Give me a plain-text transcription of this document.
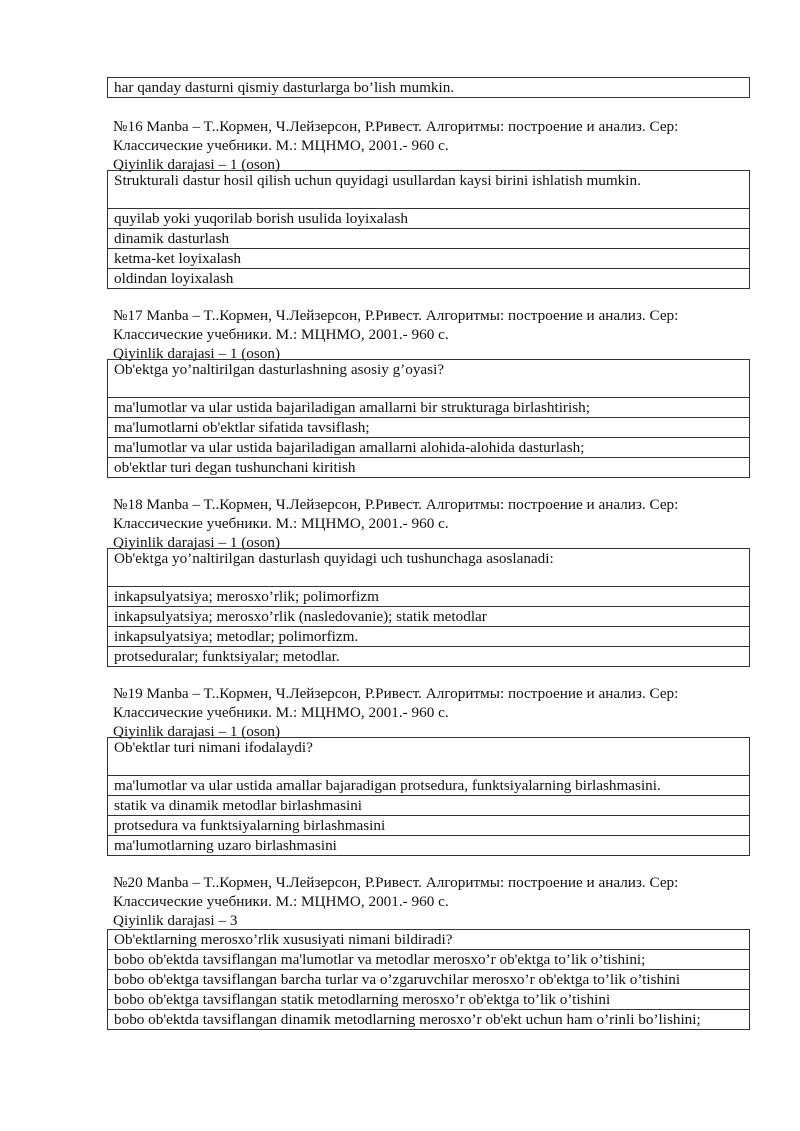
har qanday dasturni qismiy dasturlarga bo’lish mumkin.
№16 Manba – T..Кормен, Ч.Лейзерсон, Р.Ривест. Алгоритмы: построение и анализ. Сер:
Классические учебники. М.: МЦНМО, 2001.- 960 с.
Qiyinlik darajasi – 1 (oson)
Strukturali dastur hosil qilish uchun quyidagi usullardan kaysi birini ishlatish mumkin.
quyilab yoki yuqorilab borish usulida loyixalash
dinamik dasturlash
ketma-ket loyixalash
oldindan loyixalash
№17 Manba – T..Кормен, Ч.Лейзерсон, Р.Ривест. Алгоритмы: построение и анализ. Сер:
Классические учебники. М.: МЦНМО, 2001.- 960 с.
Qiyinlik darajasi – 1 (oson)
Ob'ektga yo’naltirilgan dasturlashning asosiy g’oyasi?
ma'lumotlar va ular ustida bajariladigan amallarni bir strukturaga birlashtirish;
ma'lumotlarni ob'ektlar sifatida tavsiflash;
ma'lumotlar va ular ustida bajariladigan amallarni alohida-alohida dasturlash;
ob'ektlar turi degan tushunchani kiritish
№18 Manba – T..Кормен, Ч.Лейзерсон, Р.Ривест. Алгоритмы: построение и анализ. Сер:
Классические учебники. М.: МЦНМО, 2001.- 960 с.
Qiyinlik darajasi – 1 (oson)
Ob'ektga yo’naltirilgan dasturlash quyidagi uch tushunchaga asoslanadi:
inkapsulyatsiya; merosxo’rlik; polimorfizm
inkapsulyatsiya; merosxo’rlik (nasledovanie); statik metodlar
inkapsulyatsiya; metodlar; polimorfizm.
protseduralar; funktsiyalar; metodlar.
№19 Manba – T..Кормен, Ч.Лейзерсон, Р.Ривест. Алгоритмы: построение и анализ. Сер:
Классические учебники. М.: МЦНМО, 2001.- 960 с.
Qiyinlik darajasi – 1 (oson)
Ob'ektlar turi nimani ifodalaydi?
ma'lumotlar va ular ustida amallar bajaradigan protsedura, funktsiyalarning birlashmasini.
statik va dinamik metodlar birlashmasini
protsedura va funktsiyalarning birlashmasini
ma'lumotlarning uzaro birlashmasini
№20 Manba – T..Кормен, Ч.Лейзерсон, Р.Ривест. Алгоритмы: построение и анализ. Сер:
Классические учебники. М.: МЦНМО, 2001.- 960 с.
Qiyinlik darajasi – 3
Ob'ektlarning merosxo’rlik xususiyati nimani bildiradi?
bobo ob'ektda tavsiflangan ma'lumotlar va metodlar merosxo’r ob'ektga to’lik o’tishini;
bobo ob'ektga tavsiflangan barcha turlar va o’zgaruvchilar merosxo’r ob'ektga to’lik o’tishini
bobo ob'ektga tavsiflangan statik metodlarning merosxo’r ob'ektga to’lik o’tishini
bobo ob'ektda tavsiflangan dinamik metodlarning merosxo’r ob'ekt uchun ham o’rinli bo’lishini;
